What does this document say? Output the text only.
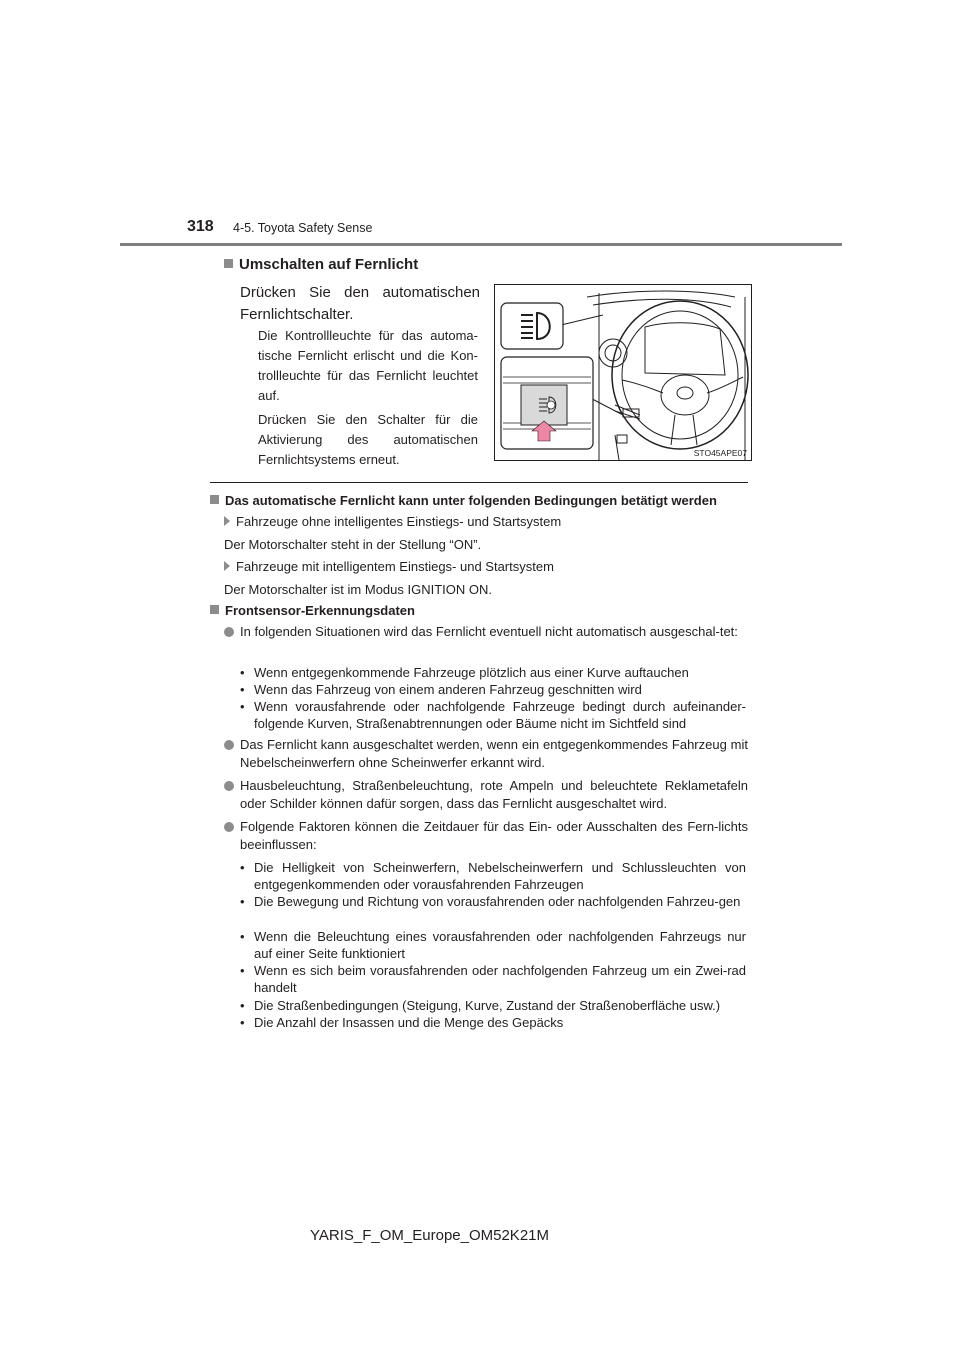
318 4-5. Toyota Safety Sense
Umschalten auf Fernlicht
Drücken Sie den automatischen Fernlichtschalter.
Die Kontrollleuchte für das automa-tische Fernlicht erlischt und die Kon-trollleuchte für das Fernlicht leuchtet auf.
Drücken Sie den Schalter für die Aktivierung des automatischen Fernlichtsystems erneut.	STO45APE07
Das automatische Fernlicht kann unter folgenden Bedingungen betätigt werden
Fahrzeuge ohne intelligentes Einstiegs- und Startsystem
Der Motorschalter steht in der Stellung “ON”.
Fahrzeuge mit intelligentem Einstiegs- und Startsystem
Der Motorschalter ist im Modus IGNITION ON.
Frontsensor-Erkennungsdaten
In folgenden Situationen wird das Fernlicht eventuell nicht automatisch ausgeschal-tet:
• Wenn entgegenkommende Fahrzeuge plötzlich aus einer Kurve auftauchen
• Wenn das Fahrzeug von einem anderen Fahrzeug geschnitten wird
• Wenn vorausfahrende oder nachfolgende Fahrzeuge bedingt durch aufeinander-folgende Kurven, Straßenabtrennungen oder Bäume nicht im Sichtfeld sind
Das Fernlicht kann ausgeschaltet werden, wenn ein entgegenkommendes Fahrzeug mit Nebelscheinwerfern ohne Scheinwerfer erkannt wird.
Hausbeleuchtung, Straßenbeleuchtung, rote Ampeln und beleuchtete Reklametafeln oder Schilder können dafür sorgen, dass das Fernlicht ausgeschaltet wird.
Folgende Faktoren können die Zeitdauer für das Ein- oder Ausschalten des Fern-lichts beeinflussen:
• Die Helligkeit von Scheinwerfern, Nebelscheinwerfern und Schlussleuchten von entgegenkommenden oder vorausfahrenden Fahrzeugen
• Die Bewegung und Richtung von vorausfahrenden oder nachfolgenden Fahrzeu-gen
• Wenn die Beleuchtung eines vorausfahrenden oder nachfolgenden Fahrzeugs nur auf einer Seite funktioniert
• Wenn es sich beim vorausfahrenden oder nachfolgenden Fahrzeug um ein Zwei-rad handelt
• Die Straßenbedingungen (Steigung, Kurve, Zustand der Straßenoberfläche usw.)
• Die Anzahl der Insassen und die Menge des Gepäcks
YARIS_F_OM_Europe_OM52K21M
